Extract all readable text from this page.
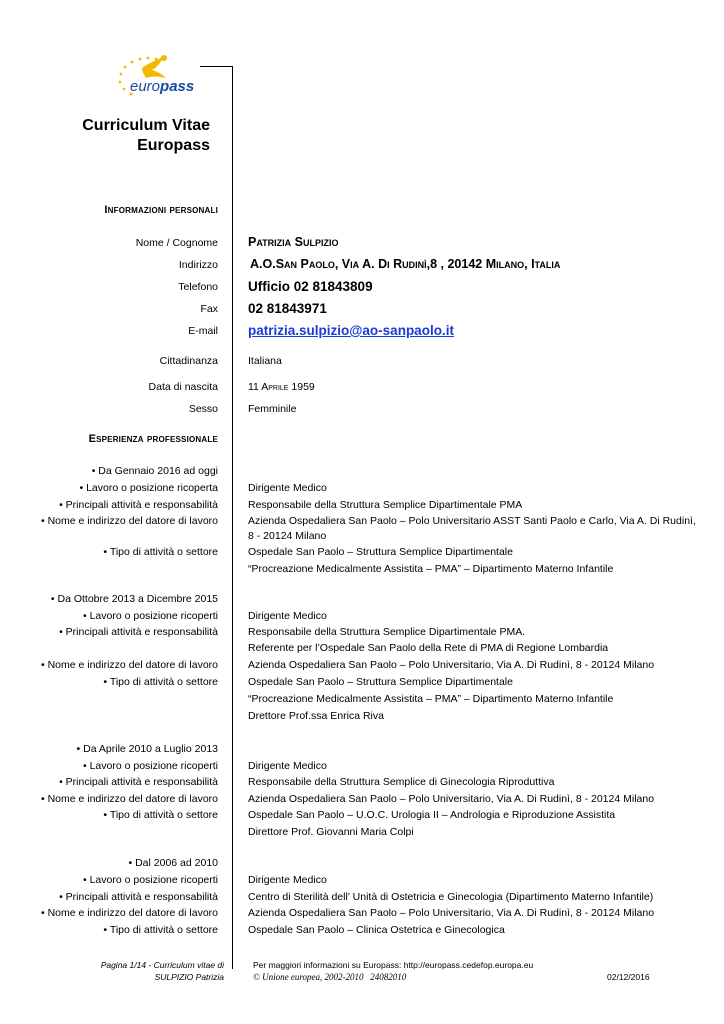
europass
Curriculum Vitae
Europass
Informazioni personali
Nome / Cognome Patrizia Sulpizio
Indirizzo	A.O.San Paolo, Via A. Di Rudinì,8 , 20142 Milano, Italia
Telefono Ufficio 02 81843809
Fax 02 81843971
E-mail patrizia.sulpizio@ao-sanpaolo.it
Cittadinanza	Italiana
Data di nascita	11 Aprile 1959
Sesso	Femminile
Esperienza professionale
• Da Gennaio 2016 ad oggi
• Lavoro o posizione ricoperta	Dirigente Medico
• Principali attività e responsabilità	Responsabile della Struttura Semplice Dipartimentale PMA
• Nome e indirizzo del datore di lavoro	Azienda Ospedaliera San Paolo – Polo Universitario ASST Santi Paolo e Carlo, Via A. Di Rudinì,
8 - 20124 Milano
• Tipo di attività o settore	Ospedale San Paolo – Struttura Semplice Dipartimentale
“Procreazione Medicalmente Assistita – PMA” – Dipartimento Materno Infantile
• Da Ottobre 2013 a Dicembre 2015
• Lavoro o posizione ricoperti	Dirigente Medico
• Principali attività e responsabilità	Responsabile della Struttura Semplice Dipartimentale PMA.
Referente per l’Ospedale San Paolo della Rete di PMA di Regione Lombardia
• Nome e indirizzo del datore di lavoro	Azienda Ospedaliera San Paolo – Polo Universitario, Via A. Di Rudinì, 8 - 20124 Milano
• Tipo di attività o settore	Ospedale San Paolo – Struttura Semplice Dipartimentale
“Procreazione Medicalmente Assistita – PMA” – Dipartimento Materno Infantile
Drettore Prof.ssa Enrica Riva
• Da Aprile 2010 a Luglio 2013
• Lavoro o posizione ricoperti	Dirigente Medico
• Principali attività e responsabilità	Responsabile della Struttura Semplice di Ginecologia Riproduttiva
• Nome e indirizzo del datore di lavoro	Azienda Ospedaliera San Paolo – Polo Universitario, Via A. Di Rudinì, 8 - 20124 Milano
• Tipo di attività o settore	Ospedale San Paolo – U.O.C. Urologia II – Andrologia e Riproduzione Assistita
Direttore Prof. Giovanni Maria Colpi
• Dal 2006 ad 2010
• Lavoro o posizione ricoperti	Dirigente Medico
• Principali attività e responsabilità	Centro di Sterilità dell’ Unità di Ostetricia e Ginecologia (Dipartimento Materno Infantile)
• Nome e indirizzo del datore di lavoro	Azienda Ospedaliera San Paolo – Polo Universitario, Via A. Di Rudinì, 8 - 20124 Milano
• Tipo di attività o settore	Ospedale San Paolo – Clinica Ostetrica e Ginecologica
Pagina 1/14 - Curriculum vitae di
SULPIZIO Patrizia
Per maggiori informazioni su Europass: http://europass.cedefop.europa.eu
© Unione europea, 2002-2010   24082010	02/12/2016
